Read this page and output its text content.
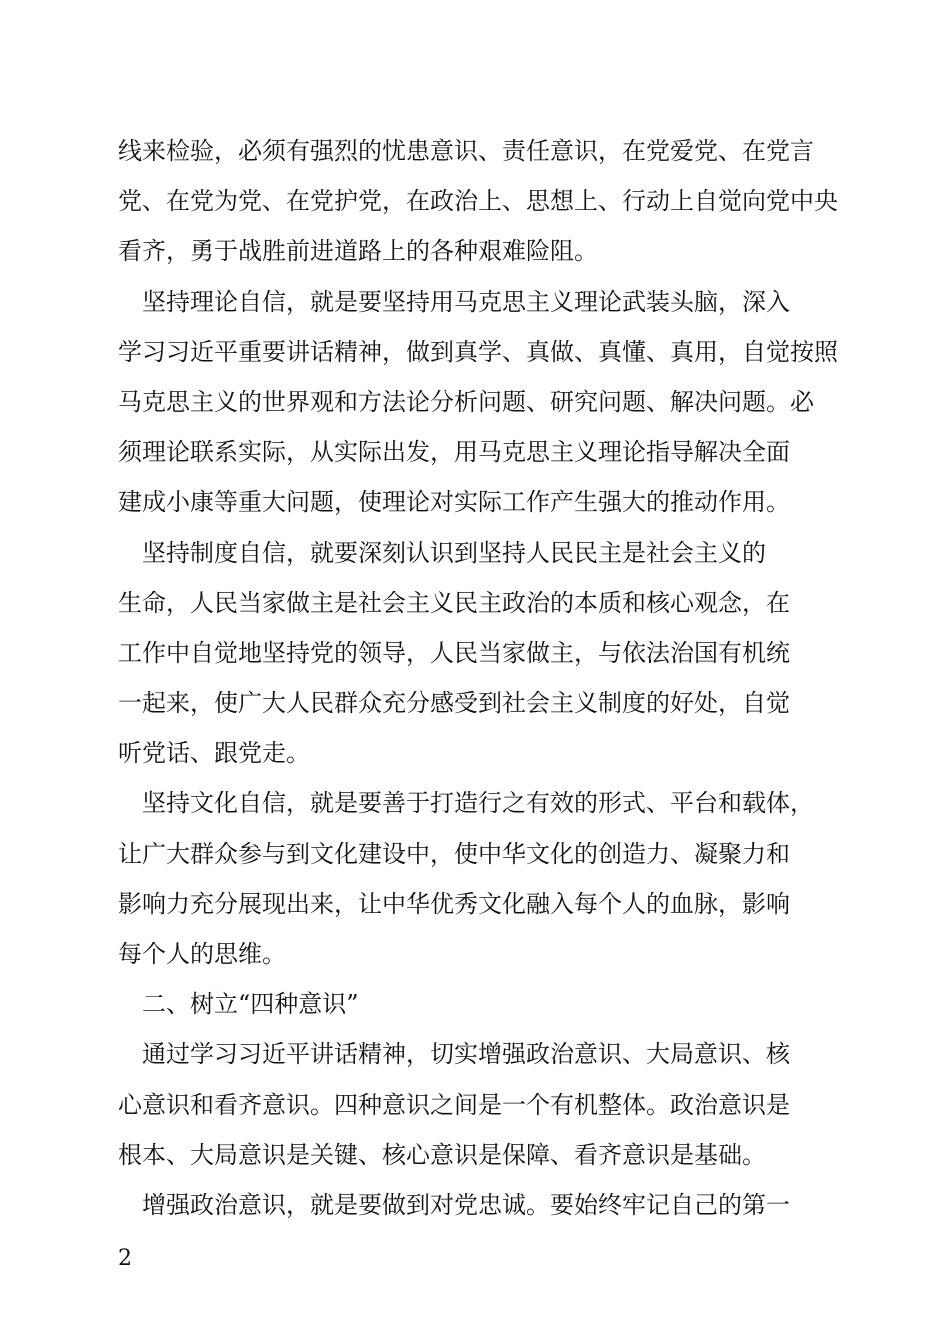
线来检验，必须有强烈的忧患意识、责任意识，在党爱党、在党言
党、在党为党、在党护党，在政治上、思想上、行动上自觉向党中央
看齐，勇于战胜前进道路上的各种艰难险阻。
　坚持理论自信，就是要坚持用马克思主义理论武装头脑，深入
学习习近平重要讲话精神，做到真学、真做、真懂、真用，自觉按照
马克思主义的世界观和方法论分析问题、研究问题、解决问题。必
须理论联系实际，从实际出发，用马克思主义理论指导解决全面
建成小康等重大问题，使理论对实际工作产生强大的推动作用。
　坚持制度自信，就要深刻认识到坚持人民民主是社会主义的
生命，人民当家做主是社会主义民主政治的本质和核心观念，在
工作中自觉地坚持党的领导，人民当家做主，与依法治国有机统
一起来，使广大人民群众充分感受到社会主义制度的好处，自觉
听党话、跟党走。
　坚持文化自信，就是要善于打造行之有效的形式、平台和载体，
让广大群众参与到文化建设中，使中华文化的创造力、凝聚力和
影响力充分展现出来，让中华优秀文化融入每个人的血脉，影响
每个人的思维。
　二、树立“四种意识”
　通过学习习近平讲话精神，切实增强政治意识、大局意识、核
心意识和看齐意识。四种意识之间是一个有机整体。政治意识是
根本、大局意识是关键、核心意识是保障、看齐意识是基础。
　增强政治意识，就是要做到对党忠诚。要始终牢记自己的第一
2
